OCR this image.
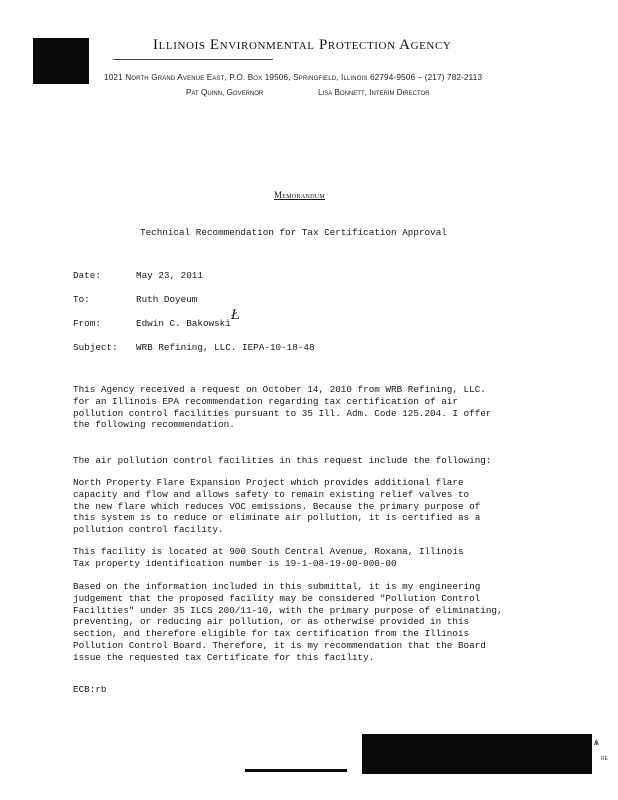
Illinois Environmental Protection Agency
1021 North Grand Avenue East, P.O. Box 19506, Springfield, Illinois 62794-9506 – (217) 782-2113
Pat Quinn, Governor	Lisa Bonnett, Interim Director
Memorandum
Technical Recommendation for Tax Certification Approval
Date:	May 23, 2011
To:	Ruth Doyeum
From:	Edwin C. Bakowski
Ł
Subject: WRB Refining, LLC. IEPA-10-18-48
This Agency received a request on October 14, 2010 from WRB Refining, LLC.
for an Illinois EPA recommendation regarding tax certification of air
pollution control facilities pursuant to 35 Ill. Adm. Code 125.204. I offer
the following recommendation.
The air pollution control facilities in this request include the following:
North Property Flare Expansion Project which provides additional flare
capacity and flow and allows safety to remain existing relief valves to
the new flare which reduces VOC emissions. Because the primary purpose of
this system is to reduce or eliminate air pollution, it is certified as a
pollution control facility.
This facility is located at 900 South Central Avenue, Roxana, Illinois
Tax property identification number is 19-1-08-19-00-000-00
Based on the information included in this submittal, it is my engineering
judgement that the proposed facility may be considered "Pollution Control
Facilities" under 35 ILCS 200/11-10, with the primary purpose of eliminating,
preventing, or reducing air pollution, or as otherwise provided in this
section, and therefore eligible for tax certification from the Illinois
Pollution Control Board. Therefore, it is my recommendation that the Board
issue the requested tax Certificate for this facility.
ECB:rb
Ѧ
RE
